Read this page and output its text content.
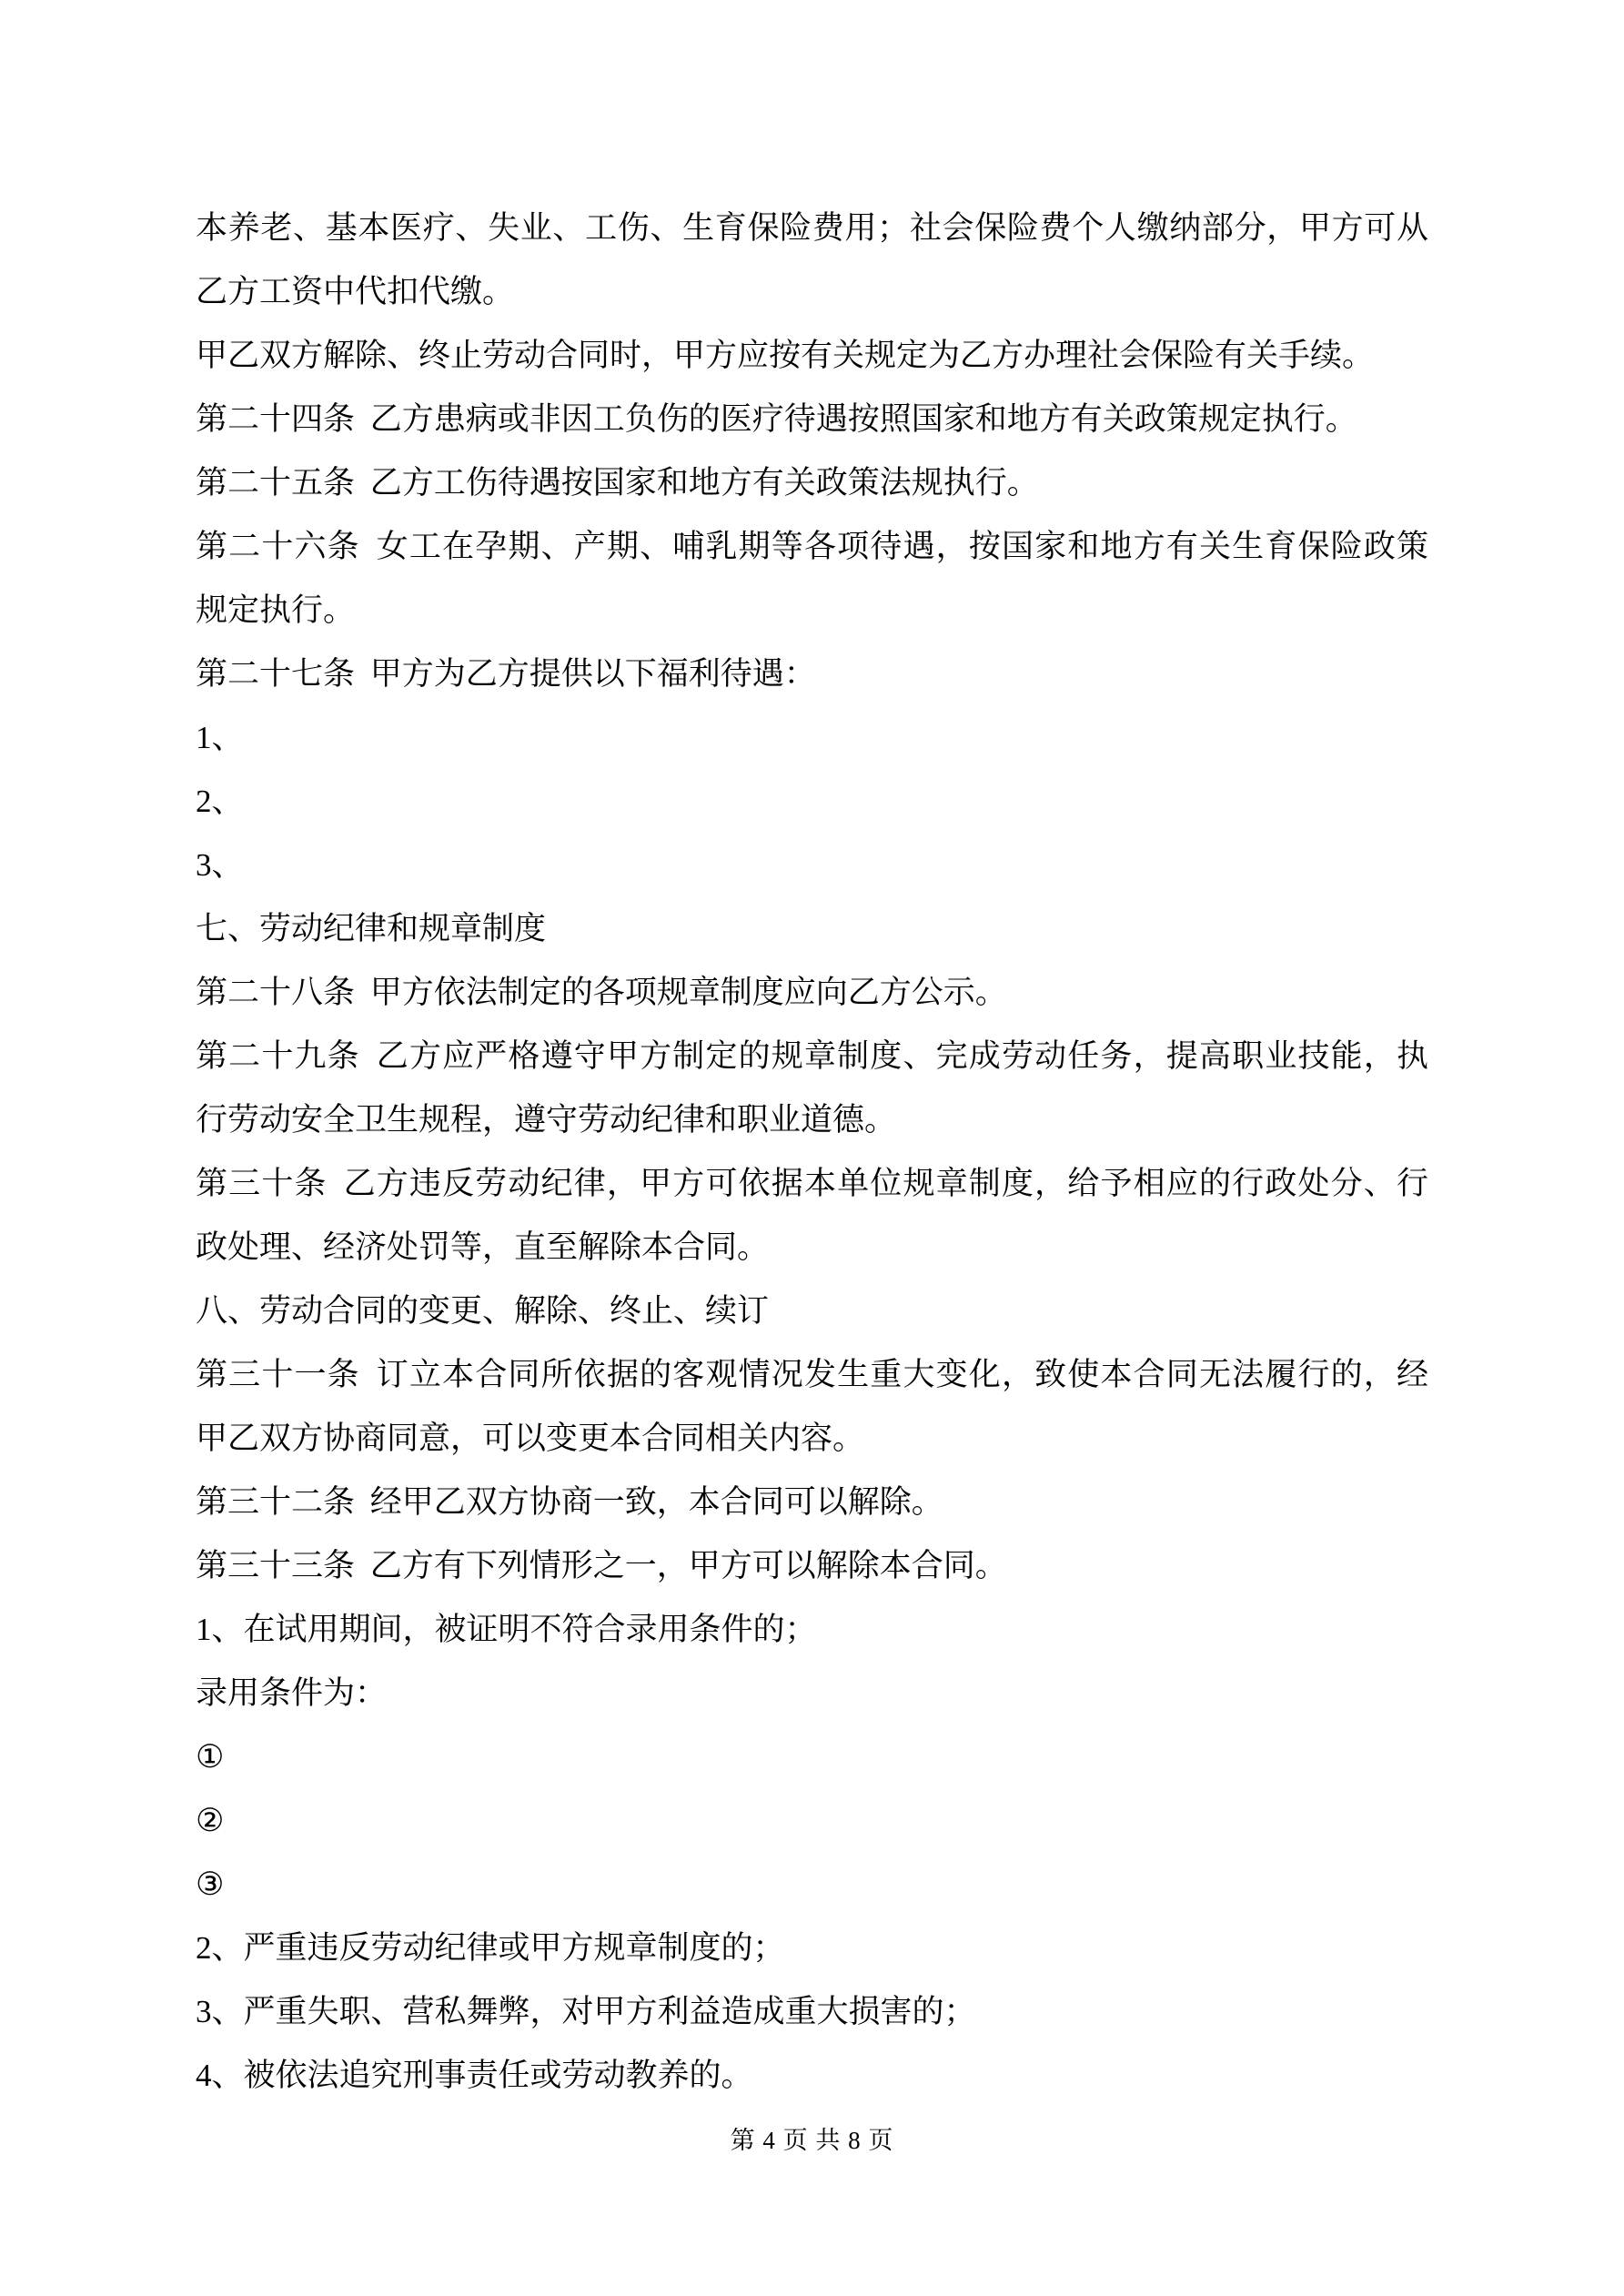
本养老、基本医疗、失业、工伤、生育保险费用；社会保险费个人缴纳部分，甲方可从
乙方工资中代扣代缴。
甲乙双方解除、终止劳动合同时，甲方应按有关规定为乙方办理社会保险有关手续。
第二十四条 乙方患病或非因工负伤的医疗待遇按照国家和地方有关政策规定执行。
第二十五条 乙方工伤待遇按国家和地方有关政策法规执行。
第二十六条 女工在孕期、产期、哺乳期等各项待遇，按国家和地方有关生育保险政策
规定执行。
第二十七条 甲方为乙方提供以下福利待遇：
1、
2、
3、
七、劳动纪律和规章制度
第二十八条 甲方依法制定的各项规章制度应向乙方公示。
第二十九条 乙方应严格遵守甲方制定的规章制度、完成劳动任务，提高职业技能，执
行劳动安全卫生规程，遵守劳动纪律和职业道德。
第三十条 乙方违反劳动纪律，甲方可依据本单位规章制度，给予相应的行政处分、行
政处理、经济处罚等，直至解除本合同。
八、劳动合同的变更、解除、终止、续订
第三十一条 订立本合同所依据的客观情况发生重大变化，致使本合同无法履行的，经
甲乙双方协商同意，可以变更本合同相关内容。
第三十二条 经甲乙双方协商一致，本合同可以解除。
第三十三条 乙方有下列情形之一，甲方可以解除本合同。
1、在试用期间，被证明不符合录用条件的；
录用条件为：
①
②
③
2、严重违反劳动纪律或甲方规章制度的；
3、严重失职、营私舞弊，对甲方利益造成重大损害的；
4、被依法追究刑事责任或劳动教养的。
第 4 页 共 8 页
